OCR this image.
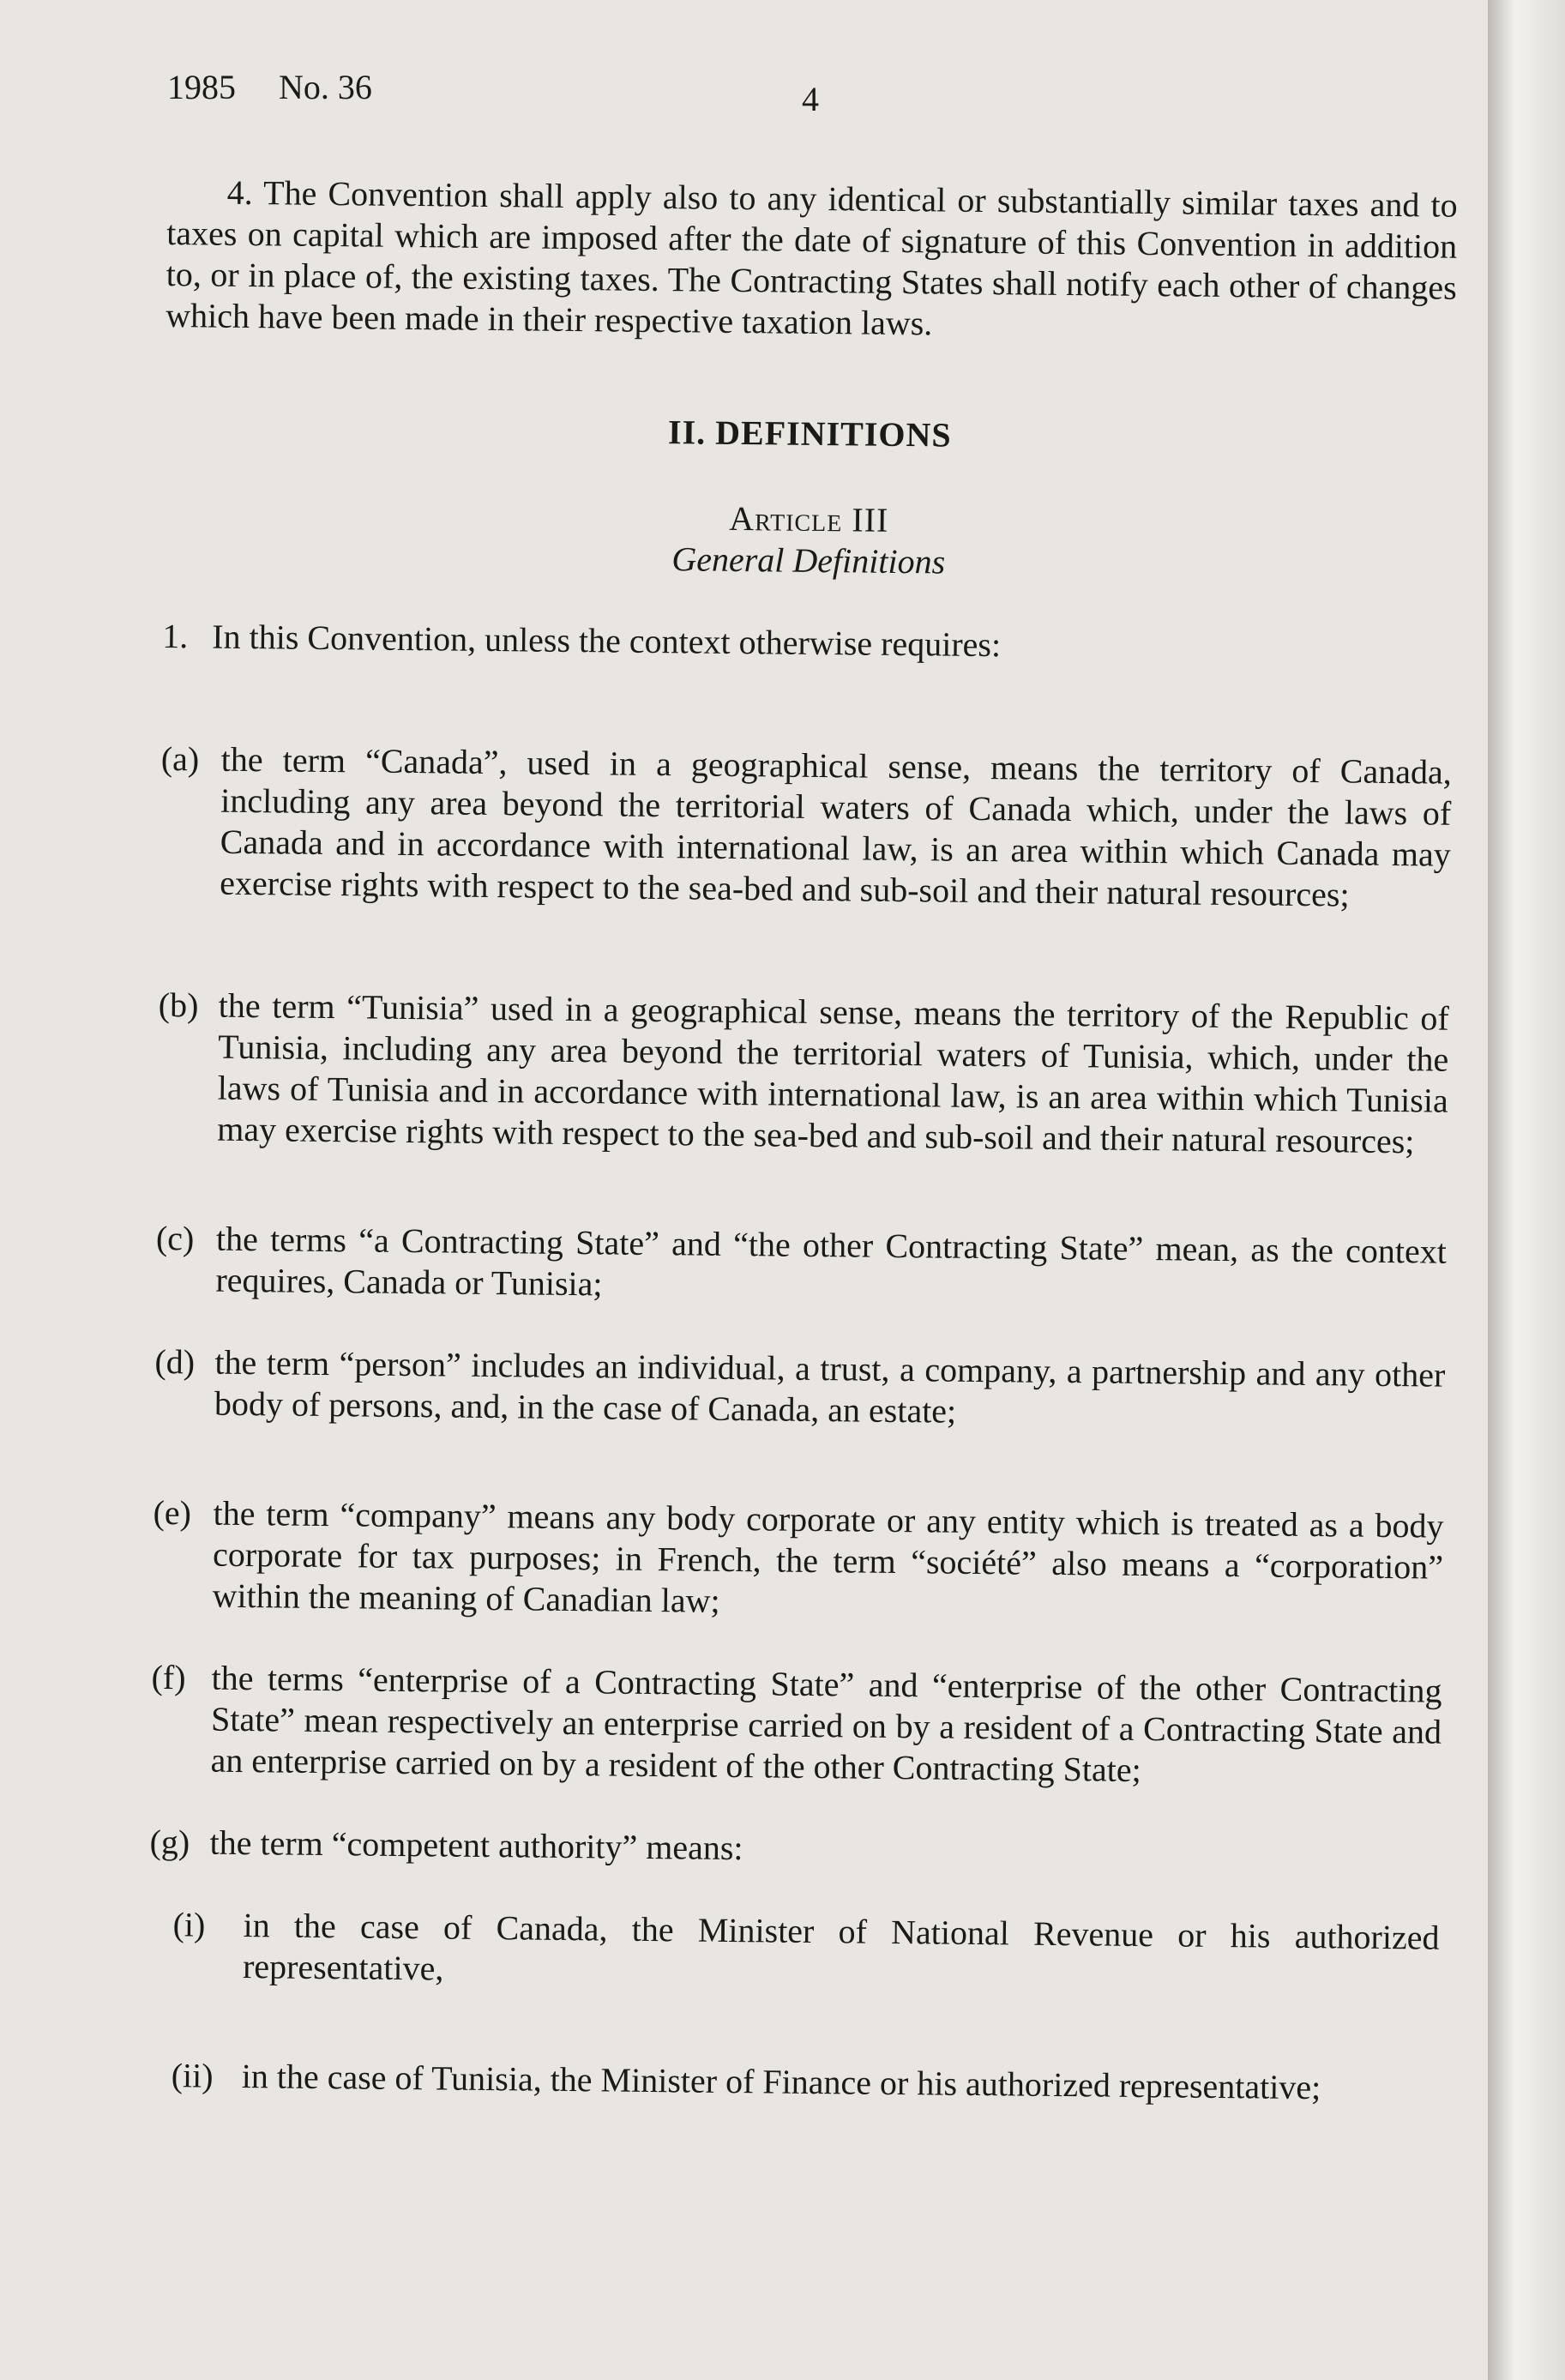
1985 No. 36	4

4. The Convention shall apply also to any identical or substantially similar taxes and to taxes on capital which are imposed after the date of signature of this Convention in addition to, or in place of, the existing taxes. The Contracting States shall notify each other of changes which have been made in their respective taxation laws.

II. DEFINITIONS
Article III
General Definitions
1. In this Convention, unless the context otherwise requires:
(a) the term “Canada”, used in a geographical sense, means the territory of Canada, including any area beyond the territorial waters of Canada which, under the laws of Canada and in accordance with international law, is an area within which Canada may exercise rights with respect to the sea-bed and sub-soil and their natural resources;
(b) the term “Tunisia” used in a geographical sense, means the territory of the Republic of Tunisia, including any area beyond the territorial waters of Tunisia, which, under the laws of Tunisia and in accordance with international law, is an area within which Tunisia may exercise rights with respect to the sea-bed and sub-soil and their natural resources;
(c) the terms “a Contracting State” and “the other Contracting State” mean, as the context requires, Canada or Tunisia;
(d) the term “person” includes an individual, a trust, a company, a partnership and any other body of persons, and, in the case of Canada, an estate;
(e) the term “company” means any body corporate or any entity which is treated as a body corporate for tax purposes; in French, the term “société” also means a “corporation” within the meaning of Canadian law;
(f) the terms “enterprise of a Contracting State” and “enterprise of the other Contracting State” mean respectively an enterprise carried on by a resident of a Contracting State and an enterprise carried on by a resident of the other Contracting State;
(g) the term “competent authority” means:
(i) in the case of Canada, the Minister of National Revenue or his authorized representative,
(ii) in the case of Tunisia, the Minister of Finance or his authorized representative;
